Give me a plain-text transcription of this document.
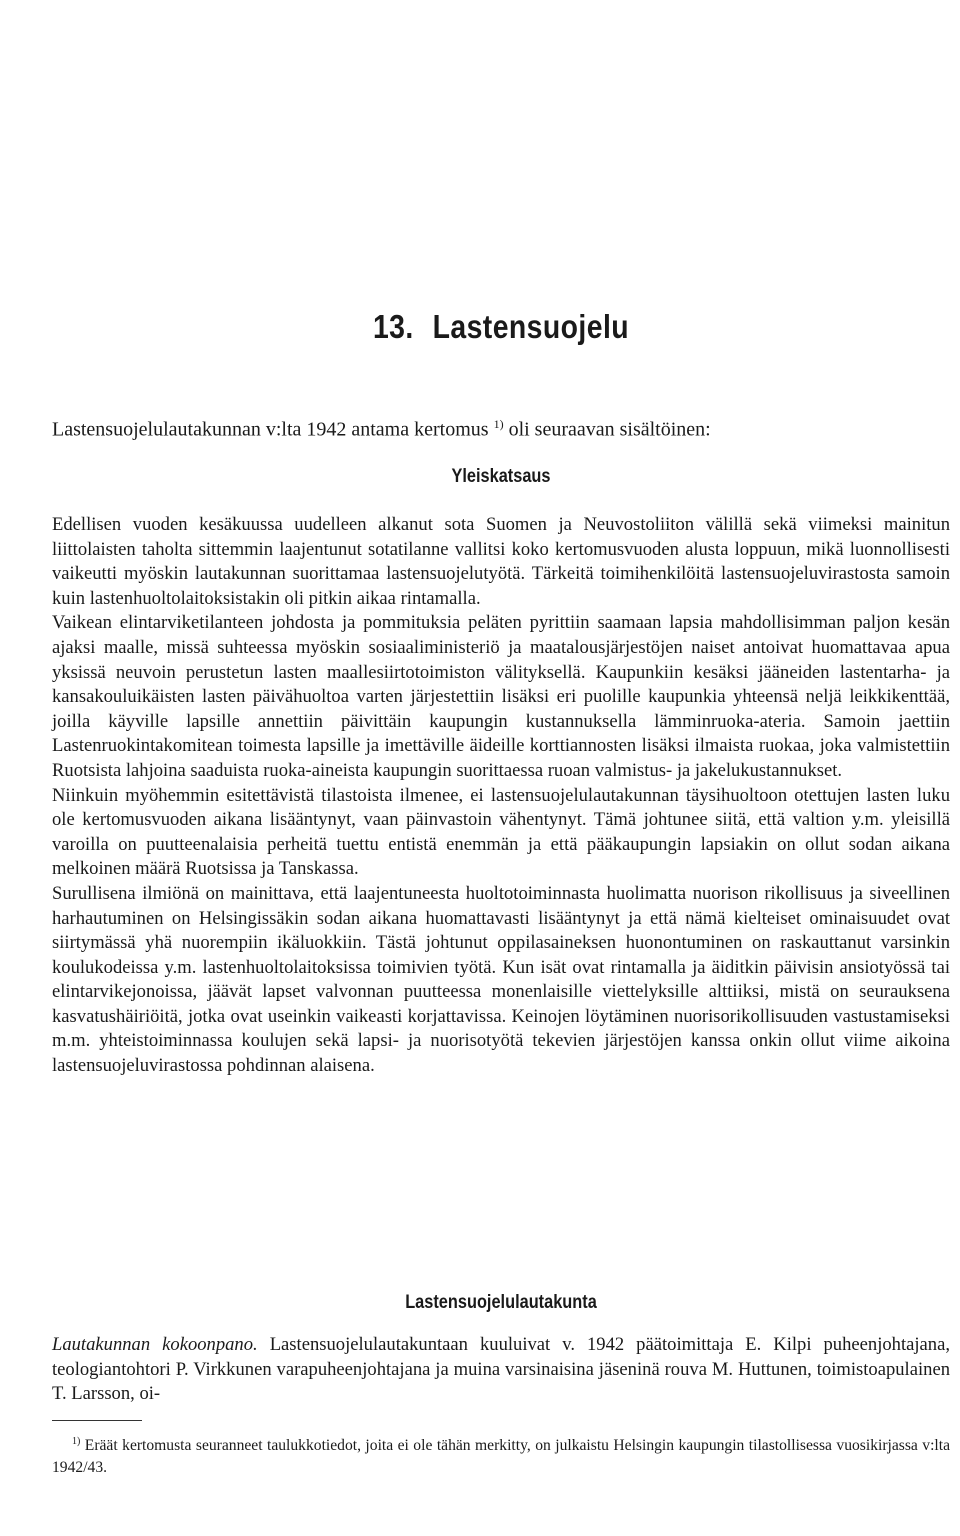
13. Lastensuojelu

Lastensuojelulautakunnan v:lta 1942 antama kertomus $^{1)}$ oli seuraavan sisältöinen:

Yleiskatsaus

Edellisen vuoden kesäkuussa uudelleen alkanut sota Suomen ja Neuvostoliiton välillä sekä viimeksi mainitun liittolaisten taholta sittemmin laajentunut sotatilanne vallitsi koko kertomusvuoden alusta loppuun, mikä luonnollisesti vaikeutti myöskin lautakunnan suorittamaa lastensuojelutyötä. Tärkeitä toimihenkilöitä lastensuojeluvirastosta samoin kuin lastenhuoltolaitoksistakin oli pitkin aikaa rintamalla.

Vaikean elintarviketilanteen johdosta ja pommituksia peläten pyrittiin saamaan lapsia mahdollisimman paljon kesän ajaksi maalle, missä suhteessa myöskin sosiaaliministeriö ja maatalousjärjestöjen naiset antoivat huomattavaa apua yksissä neuvoin perustetun lasten maallesiirtotoimiston välityksellä. Kaupunkiin kesäksi jääneiden lastentarha- ja kansakouluikäisten lasten päivähuoltoa varten järjestettiin lisäksi eri puolille kaupunkia yhteensä neljä leikkikenttää, joilla käyville lapsille annettiin päivittäin kaupungin kustannuksella lämminruoka-ateria. Samoin jaettiin Lastenruokintakomitean toimesta lapsille ja imettäville äideille korttiannosten lisäksi ilmaista ruokaa, joka valmistettiin Ruotsista lahjoina saaduista ruoka-aineista kaupungin suorittaessa ruoan valmistus- ja jakelukustannukset.

Niinkuin myöhemmin esitettävistä tilastoista ilmenee, ei lastensuojelulautakunnan täysihuoltoon otettujen lasten luku ole kertomusvuoden aikana lisääntynyt, vaan päinvastoin vähentynyt. Tämä johtunee siitä, että valtion y.m. yleisillä varoilla on puutteenalaisia perheitä tuettu entistä enemmän ja että pääkaupungin lapsiakin on ollut sodan aikana melkoinen määrä Ruotsissa ja Tanskassa.

Surullisena ilmiönä on mainittava, että laajentuneesta huoltotoiminnasta huolimatta nuorison rikollisuus ja siveellinen harhautuminen on Helsingissäkin sodan aikana huomattavasti lisääntynyt ja että nämä kielteiset ominaisuudet ovat siirtymässä yhä nuorempiin ikäluokkiin. Tästä johtunut oppilasaineksen huonontuminen on raskauttanut varsinkin koulukodeissa y.m. lastenhuoltolaitoksissa toimivien työtä. Kun isät ovat rintamalla ja äiditkin päivisin ansiotyössä tai elintarvikejonoissa, jäävät lapset valvonnan puutteessa monenlaisille viettelyksille alttiiksi, mistä on seurauksena kasvatushäiriöitä, jotka ovat useinkin vaikeasti korjattavissa. Keinojen löytäminen nuorisorikollisuuden vastustamiseksi m.m. yhteistoiminnassa koulujen sekä lapsi- ja nuorisotyötä tekevien järjestöjen kanssa onkin ollut viime aikoina lastensuojeluvirastossa pohdinnan alaisena.

Lastensuojelulautakunta

Lautakunnan kokoonpano. Lastensuojelulautakuntaan kuuluivat v. 1942 päätoimittaja E. Kilpi puheenjohtajana, teologiantohtori P. Virkkunen varapuheenjohtajana ja muina varsinaisina jäseninä rouva M. Huttunen, toimistoapulainen T. Larsson, oi-

$^{1)}$ Eräät kertomusta seuranneet taulukkotiedot, joita ei ole tähän merkitty, on julkaistu Helsingin kaupungin tilastollisessa vuosikirjassa v:lta 1942/43.
